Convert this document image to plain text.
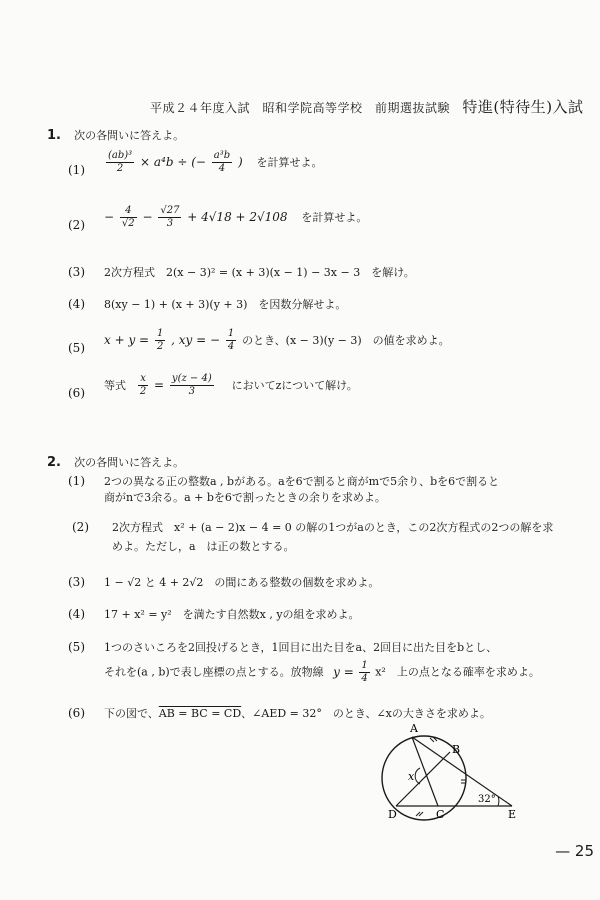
平成２４年度入試　昭和学院高等学校　前期選抜試験 特進(特待生)入試
1. 次の各問いに答えよ。
$(1) \frac{\text{(ab)³}}{2} \times a^4b$ ÷ (− $\frac{\text{a³b}}{4}$ ) を計算せよ。
(2)
− $\frac{4}{√2} - \frac{√27}{3} + 4√18 + 2√108$ を計算せよ。
(3) 2次方程式　2(x − 3)² = (x + 3)(x − 1) − 3x − 3　を解け。
(4) 8(xy − 1) + (x + 3)(y + 3)　を因数分解せよ。
(5)
$x + y = \frac{1}{2}$ , xy = − $\frac{1}{4}$ のとき、(x − 3)(y − 3)　の値を求めよ。
(6)
等式 $\frac{x}{2} = \frac{y(z - 4)}{3}$ においてzについて解け。
2. 次の各問いに答えよ。
(1) 2つの異なる正の整数a , bがある。aを6で割ると商がmで5余り、bを6で割ると
商がnで3余る。a + bを6で割ったときの余りを求めよ。
(2) 2次方程式　x² + (a − 2)x − 4 = 0 の解の1つがaのとき，この2次方程式の2つの解を求
めよ。ただし，a　は正の数とする。
(3) 1 − √2 と 4 + 2√2　の間にある整数の個数を求めよ。
(4) 17 + x² = y²　を満たす自然数x , yの組を求めよ。
(5) 1つのさいころを2回投げるとき，1回目に出た目をa、2回目に出た目をbとし、
それを(a , b)で表し座標の点とする。放物線 $y = \frac{1}{4} x^2$　上の点となる確率を求めよ。
(6) 下の図で、AB = BC = CD、∠AED = 32°　のとき、∠xの大きさを求めよ。
A
B
C
D	E
x
32°
— 25
